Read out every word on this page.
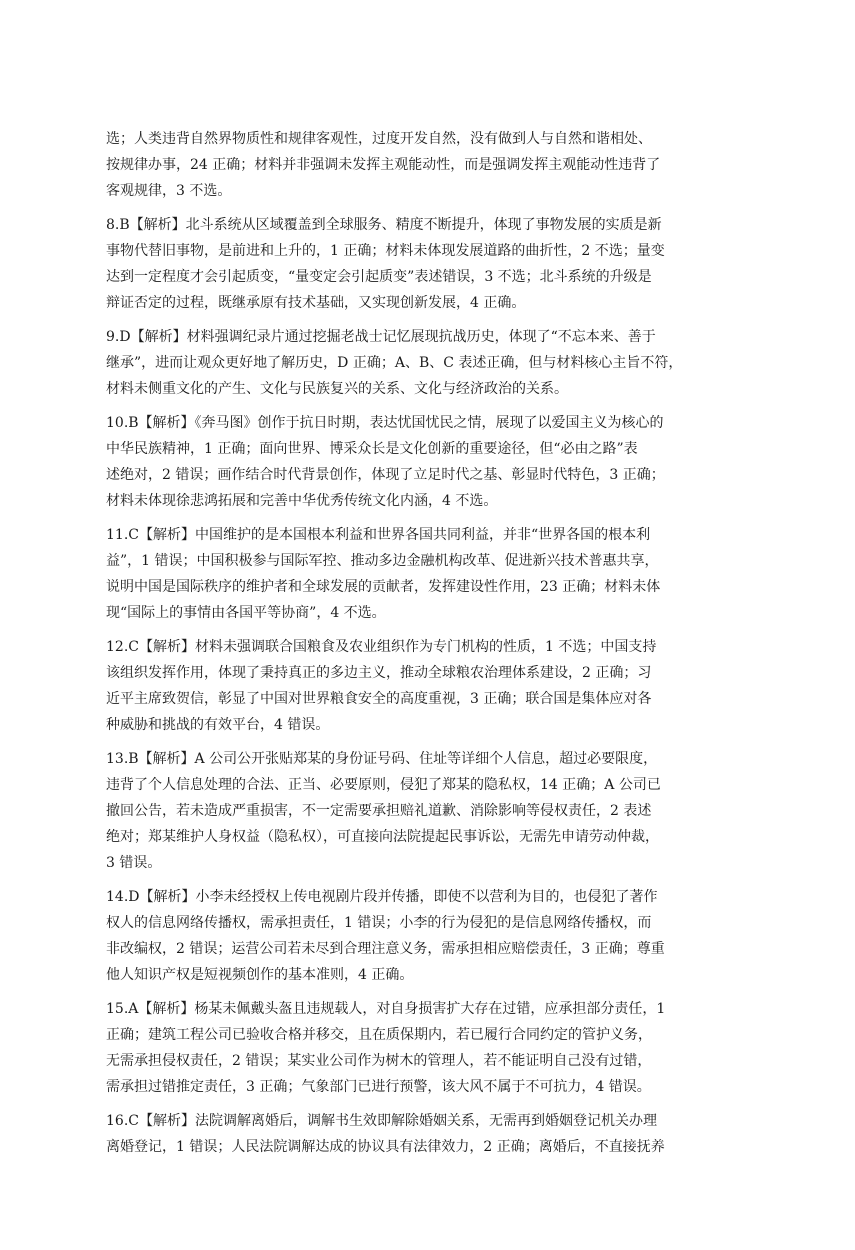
选；人类违背自然界物质性和规律客观性，过度开发自然，没有做到人与自然和谐相处、
按规律办事，24 正确；材料并非强调未发挥主观能动性，而是强调发挥主观能动性违背了
客观规律，3 不选。
8.B【解析】北斗系统从区域覆盖到全球服务、精度不断提升，体现了事物发展的实质是新
事物代替旧事物，是前进和上升的，1 正确；材料未体现发展道路的曲折性，2 不选；量变
达到一定程度才会引起质变，“量变定会引起质变”表述错误，3 不选；北斗系统的升级是
辩证否定的过程，既继承原有技术基础，又实现创新发展，4 正确。
9.D【解析】材料强调纪录片通过挖掘老战士记忆展现抗战历史，体现了“不忘本来、善于
继承”，进而让观众更好地了解历史，D 正确；A、B、C 表述正确，但与材料核心主旨不符，
材料未侧重文化的产生、文化与民族复兴的关系、文化与经济政治的关系。
10.B【解析】《奔马图》创作于抗日时期，表达忧国忧民之情，展现了以爱国主义为核心的
中华民族精神，1 正确；面向世界、博采众长是文化创新的重要途径，但“必由之路”表
述绝对，2 错误；画作结合时代背景创作，体现了立足时代之基、彰显时代特色，3 正确；
材料未体现徐悲鸿拓展和完善中华优秀传统文化内涵，4 不选。
11.C【解析】中国维护的是本国根本利益和世界各国共同利益，并非“世界各国的根本利
益”，1 错误；中国积极参与国际军控、推动多边金融机构改革、促进新兴技术普惠共享，
说明中国是国际秩序的维护者和全球发展的贡献者，发挥建设性作用，23 正确；材料未体
现“国际上的事情由各国平等协商”，4 不选。
12.C【解析】材料未强调联合国粮食及农业组织作为专门机构的性质，1 不选；中国支持
该组织发挥作用，体现了秉持真正的多边主义，推动全球粮农治理体系建设，2 正确；习
近平主席致贺信，彰显了中国对世界粮食安全的高度重视，3 正确；联合国是集体应对各
种威胁和挑战的有效平台，4 错误。
13.B【解析】A 公司公开张贴郑某的身份证号码、住址等详细个人信息，超过必要限度，
违背了个人信息处理的合法、正当、必要原则，侵犯了郑某的隐私权，14 正确；A 公司已
撤回公告，若未造成严重损害，不一定需要承担赔礼道歉、消除影响等侵权责任，2 表述
绝对；郑某维护人身权益（隐私权），可直接向法院提起民事诉讼，无需先申请劳动仲裁，
3 错误。
14.D【解析】小李未经授权上传电视剧片段并传播，即使不以营利为目的，也侵犯了著作
权人的信息网络传播权，需承担责任，1 错误；小李的行为侵犯的是信息网络传播权，而
非改编权，2 错误；运营公司若未尽到合理注意义务，需承担相应赔偿责任，3 正确；尊重
他人知识产权是短视频创作的基本准则，4 正确。
15.A【解析】杨某未佩戴头盔且违规载人，对自身损害扩大存在过错，应承担部分责任，1
正确；建筑工程公司已验收合格并移交，且在质保期内，若已履行合同约定的管护义务，
无需承担侵权责任，2 错误；某实业公司作为树木的管理人，若不能证明自己没有过错，
需承担过错推定责任，3 正确；气象部门已进行预警，该大风不属于不可抗力，4 错误。
16.C【解析】法院调解离婚后，调解书生效即解除婚姻关系，无需再到婚姻登记机关办理
离婚登记，1 错误；人民法院调解达成的协议具有法律效力，2 正确；离婚后，不直接抚养
